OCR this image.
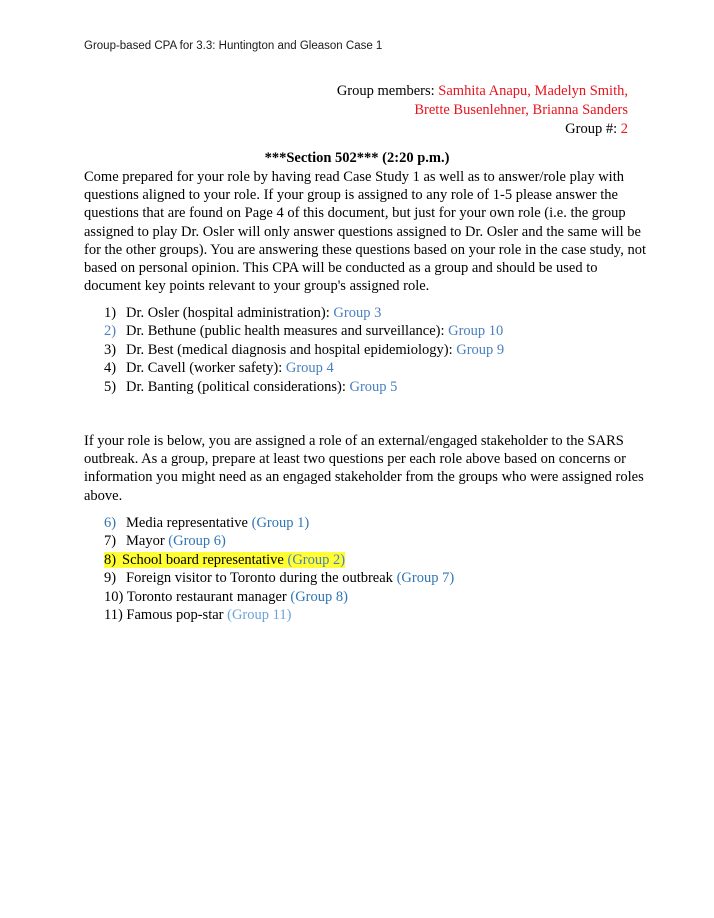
Group-based CPA for 3.3: Huntington and Gleason Case 1
Group members: Samhita Anapu, Madelyn Smith,
Brette Busenlehner, Brianna Sanders
Group #: 2
***Section 502*** (2:20 p.m.)
Come prepared for your role by having read Case Study 1 as well as to answer/role play with
questions aligned to your role. If your group is assigned to any role of 1-5 please answer the
questions that are found on Page 4 of this document, but just for your own role (i.e. the group
assigned to play Dr. Osler will only answer questions assigned to Dr. Osler and the same will be
for the other groups). You are answering these questions based on your role in the case study, not
based on personal opinion. This CPA will be conducted as a group and should be used to
document key points relevant to your group's assigned role.
1) Dr. Osler (hospital administration): Group 3
2) Dr. Bethune (public health measures and surveillance): Group 10
3) Dr. Best (medical diagnosis and hospital epidemiology): Group 9
4) Dr. Cavell (worker safety): Group 4
5) Dr. Banting (political considerations): Group 5
If your role is below, you are assigned a role of an external/engaged stakeholder to the SARS
outbreak. As a group, prepare at least two questions per each role above based on concerns or
information you might need as an engaged stakeholder from the groups who were assigned roles
above.
6) Media representative (Group 1)
7) Mayor (Group 6)
8) School board representative (Group 2)
9) Foreign visitor to Toronto during the outbreak (Group 7)
10) Toronto restaurant manager (Group 8)
11) Famous pop-star (Group 11)
